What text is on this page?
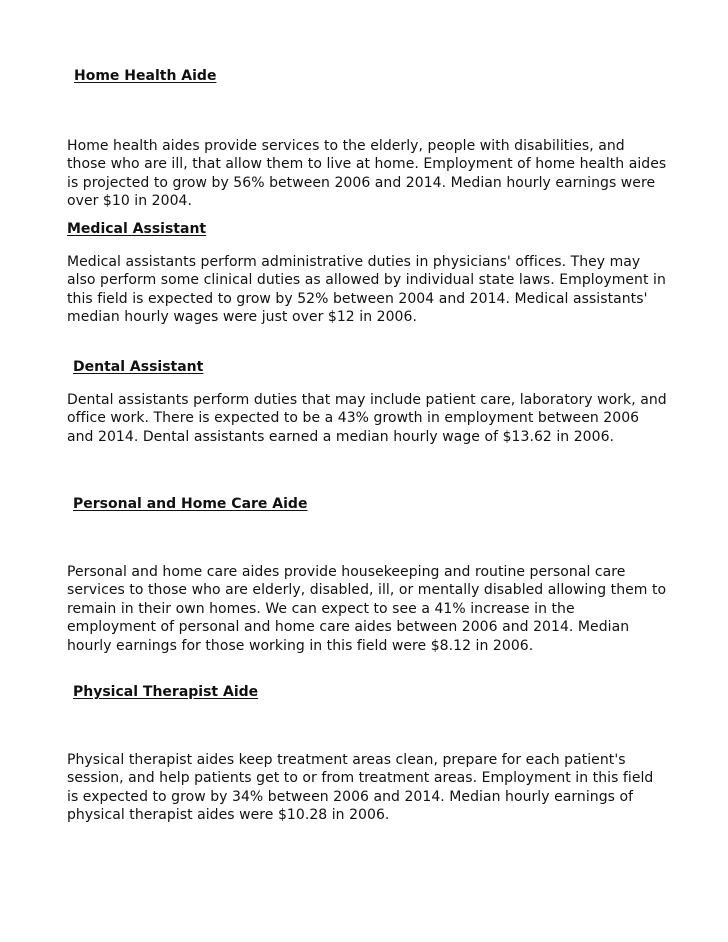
Home Health Aide

Home health aides provide services to the elderly, people with disabilities, and those who are ill, that allow them to live at home. Employment of home health aides is projected to grow by 56% between 2006 and 2014. Median hourly earnings were over $10 in 2004.

Medical Assistant

Medical assistants perform administrative duties in physicians' offices. They may also perform some clinical duties as allowed by individual state laws. Employment in this field is expected to grow by 52% between 2004 and 2014. Medical assistants' median hourly wages were just over $12 in 2006.

Dental Assistant

Dental assistants perform duties that may include patient care, laboratory work, and office work. There is expected to be a 43% growth in employment between 2006 and 2014. Dental assistants earned a median hourly wage of $13.62 in 2006.

Personal and Home Care Aide

Personal and home care aides provide housekeeping and routine personal care services to those who are elderly, disabled, ill, or mentally disabled allowing them to remain in their own homes. We can expect to see a 41% increase in the employment of personal and home care aides between 2006 and 2014. Median hourly earnings for those working in this field were $8.12 in 2006.

Physical Therapist Aide

Physical therapist aides keep treatment areas clean, prepare for each patient's session, and help patients get to or from treatment areas. Employment in this field is expected to grow by 34% between 2006 and 2014. Median hourly earnings of physical therapist aides were $10.28 in 2006.
